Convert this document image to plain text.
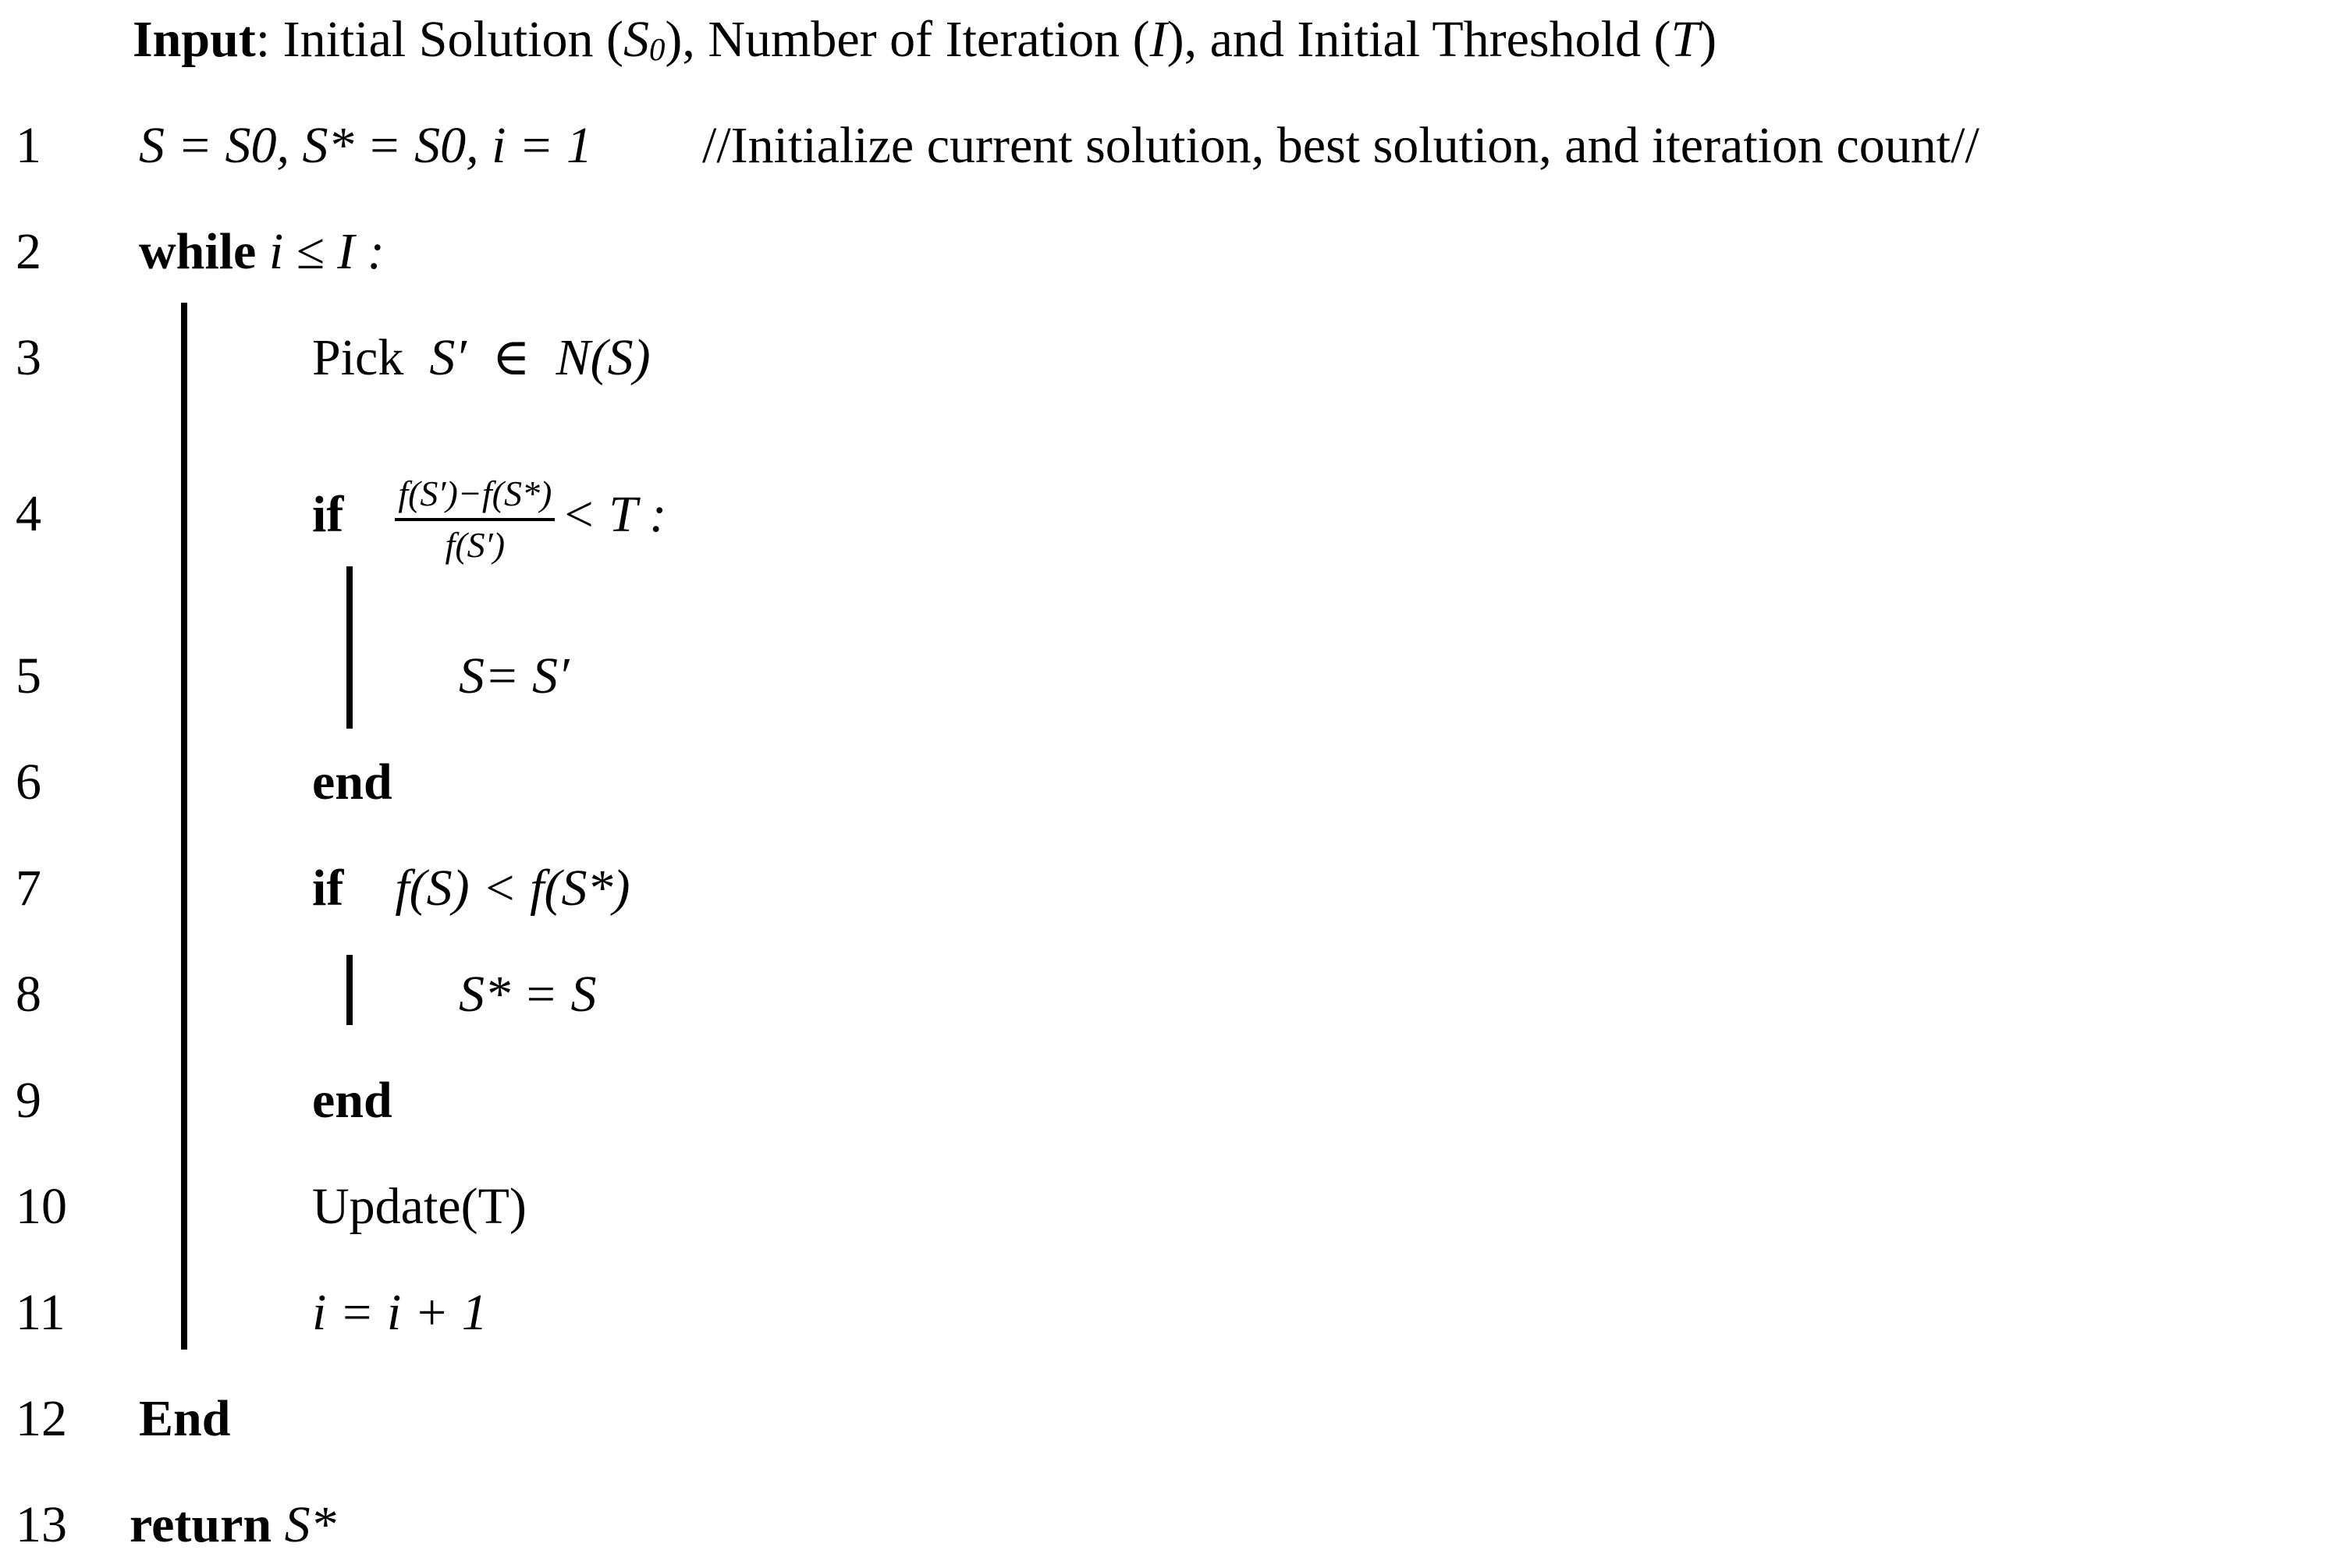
Input: Initial Solution (S0), Number of Iteration (I), and Initial Threshold (T)
1 S = S0, S* = S0, i = 1 //Initialize current solution, best solution, and iteration count//
2 while i ≤ I :
3	Pick S′ ∈ N(S)
4	if $\frac{f(S')-f(S*)}{f(S')} < T$ :
5	S= S′
6	end
7	if f(S) < f(S*)
8	S* = S
9	end
10	Update(T)
11	i = i + 1
12 End
13 return S*
